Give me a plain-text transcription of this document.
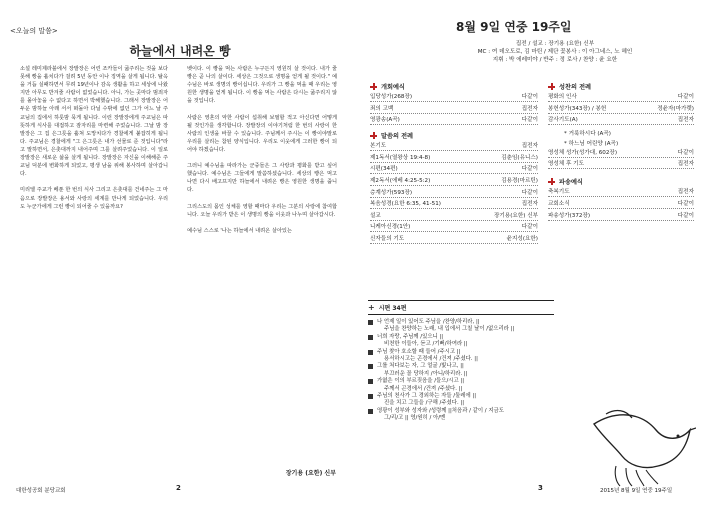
<오늘의 말씀>
하늘에서 내려온 빵
소설 레미제라블에서 장발장은 어린 조카들이 굶주리는 것을 보다 못해 빵을 훔치다가 걸려 5년 동안 이나 징역을 살게 됩니다. 탈옥을 거듭 실패하면서 무려 19년이나 감옥 생활을 하고 세상에 나왔지만 아무도 반겨줄 사람이 없었습니다. 아니, 가는 곳마다 범죄자를 몰아놓을 수 없다고 하면서 박해했습니다. 그래서 장발장은 어두운 밤하늘 아래 서서 떠돌아 다닐 수밖에 없던 그가 어느 날 주교님의 집에서 하룻밤 묵게 됩니다. 이런 장발장에게 주교님은 따뜻하게 식사를 대접하고 잠자리를 마련해 주었습니다. 그날 밤 장발장은 그 집 은그릇을 훔쳐 도망치다가 경찰에게 붙잡히게 됩니다. 주교님은 경찰에게 "그 은그릇은 내가 선물로 준 것입니다"라고 말하면서, 은촛대까지 내어주며 그를 살려주었습니다. 이 일로 장발장은 새로운 삶을 살게 됩니다. 장발장은 자신을 이해해준 주교님 덕분에 변화하게 되었고, 평생 남을 위해 봉사하며 살아갑니다.

미리엘 주교가 베푼 한 번의 식사 그리고 은촛대를 건네주는 그 마음으로 장발장은 용서와 사랑의 세계를 만나게 되었습니다. 우리도 누군가에게 그런 빵이 되어줄 수 있을까요?
벳이다. 이 빵을 먹는 사람은 누구든지 영원히 살 것이다. 내가 줄 빵은 곧 나의 살이다. 세상은 그것으로 생명을 얻게 될 것이다." 예수님은 바로 생명의 빵이십니다. 우리가 그 빵을 먹을 때 우리는 영원한 생명을 얻게 됩니다. 이 빵을 먹는 사람은 다시는 굶주리지 않을 것입니다.

사람은 영혼의 악한 사람이 섭취해 보필할 적고 아신다면 어떻게 될 것인가를 생각합니다. 장발장의 이야기처럼 한 번의 사랑이 한 사람의 인생을 바꿀 수 있습니다. 주님께서 주시는 이 빵이야말로 우리를 살리는 참된 양식입니다. 우리도 이웃에게 그러한 빵이 되어야 하겠습니다.

그러니 예수님을 따라가는 군중들은 그 사랑과 평화를 받고 싶어 했습니다. 예수님은 그들에게 말씀하셨습니다. 세상의 빵은 먹고 나면 다시 배고프지만 하늘에서 내려온 빵은 영원한 생명을 줍니다.

그리스도의 몸인 성체를 영할 때마다 우리는 그분의 사랑에 참여합니다. 오늘 우리가 받은 이 생명의 빵을 이웃과 나누며 살아갑시다.

예수님 스스로 '나는 하늘에서 내려온 살아있는
장기용 (요한) 신부
대한성공회 분당교회	2
8월 9일 연중 19주일
집전 / 설교 : 장기용 (요한) 신부
MC : 여 데오도로, 김 마틴 / 제단 꽃봉사 : 이 아그네스, 노 헤인
지휘 : 박 에레미야 / 반주 : 정 로사 / 찬양 : 윤 요한
개회예식
입당성가(268장)	다같이
죄의 고백	집전자
영광송(A곡)	다같이
말씀의 전례
본기도	집전자
제1독서(열왕상 19:4-8)	김춘임(유니스)
시편(34편)	다같이
제2독서(에베 4:25-5:2)	김용경(마르틴)
층계성가(593장)	다같이
복음성경(요한 6:35, 41-51)	집전자
설교	장기용(요한) 신부
니케아신경(1안)	다같이
신자들의 기도	윤지성(요한)
성찬의 전례
평화의 인사	다같이
봉헌성가(343장) / 봉헌	정윤자(마가렛)
감사기도(A)	집전자
* 거룩하시다 (A곡)
* 하느님 어린양 (A곡)
영성체 성가(성가대, 602장)	다같이
영성체 후 기도	집전자
파송예식
축복기도	집전자
교회소식	다같이
파송성가(372장)	다같이
+ 시편 34편
나 언제 일이 있어도 주님을 /찬양/하리라, ||
주님을 찬양하는 노래, 내 입에서 그칠 날이 /없으리라 ||
너희 자랑, 주님께 /있으니 ||
비천한 이들아, 듣고 /기뻐/하여라 ||
주님 찾아 호소할 때 들어 /주시고 ||
용서하시고는 곤경에서 /건져 /주셨다. ||
그를 쳐다보는 자, 그 얼굴 /빛나고, ||
부끄러운 꼴 당하지 /아니/하리라. ||
가엾은 이의 부르짖음을 /들으/시고 ||
주께서 곤경에서 /건져 /주셨다. ||
주님의 천사가 그 경외하는 자들 /둘레에 ||
진을 치고 그들을 /구해 /주셨다. ||
영광이 성부와 성자와 /성령께 ||처음과 / 같이 / 지금도
그/리/고 || 영/원히 / 아/멘
2015년 8월 9일 연중 19주일
3
